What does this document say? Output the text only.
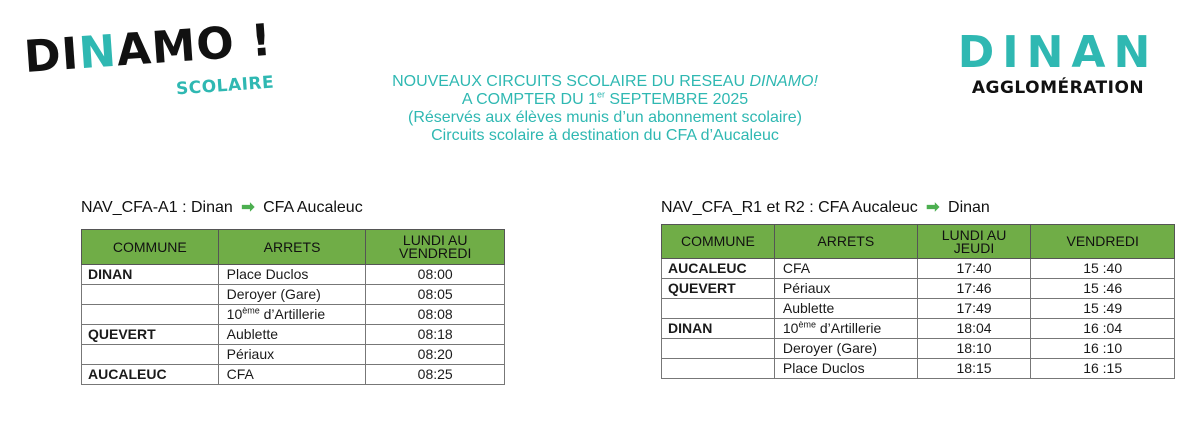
DINAMO !
SCOLAIRE
DINAN
AGGLOMÉRATION
NOUVEAUX CIRCUITS SCOLAIRE DU RESEAU DINAMO!
A COMPTER DU 1er SEPTEMBRE 2025
(Réservés aux élèves munis d’un abonnement scolaire)
Circuits scolaire à destination du CFA d’Aucaleuc
NAV_CFA-A1 : Dinan ➡ CFA Aucaleuc
COMMUNE	ARRETS	LUNDI AU VENDREDI
DINAN	Place Duclos	08:00
	Deroyer (Gare)	08:05
	10ème d’Artillerie	08:08
QUEVERT	Aublette	08:18
	Périaux	08:20
AUCALEUC	CFA	08:25
NAV_CFA_R1 et R2 : CFA Aucaleuc ➡ Dinan
COMMUNE	ARRETS	LUNDI AU JEUDI	VENDREDI
AUCALEUC	CFA	17:40	15 :40
QUEVERT	Périaux	17:46	15 :46
	Aublette	17:49	15 :49
DINAN	10ème d’Artillerie	18:04	16 :04
	Deroyer (Gare)	18:10	16 :10
	Place Duclos	18:15	16 :15
